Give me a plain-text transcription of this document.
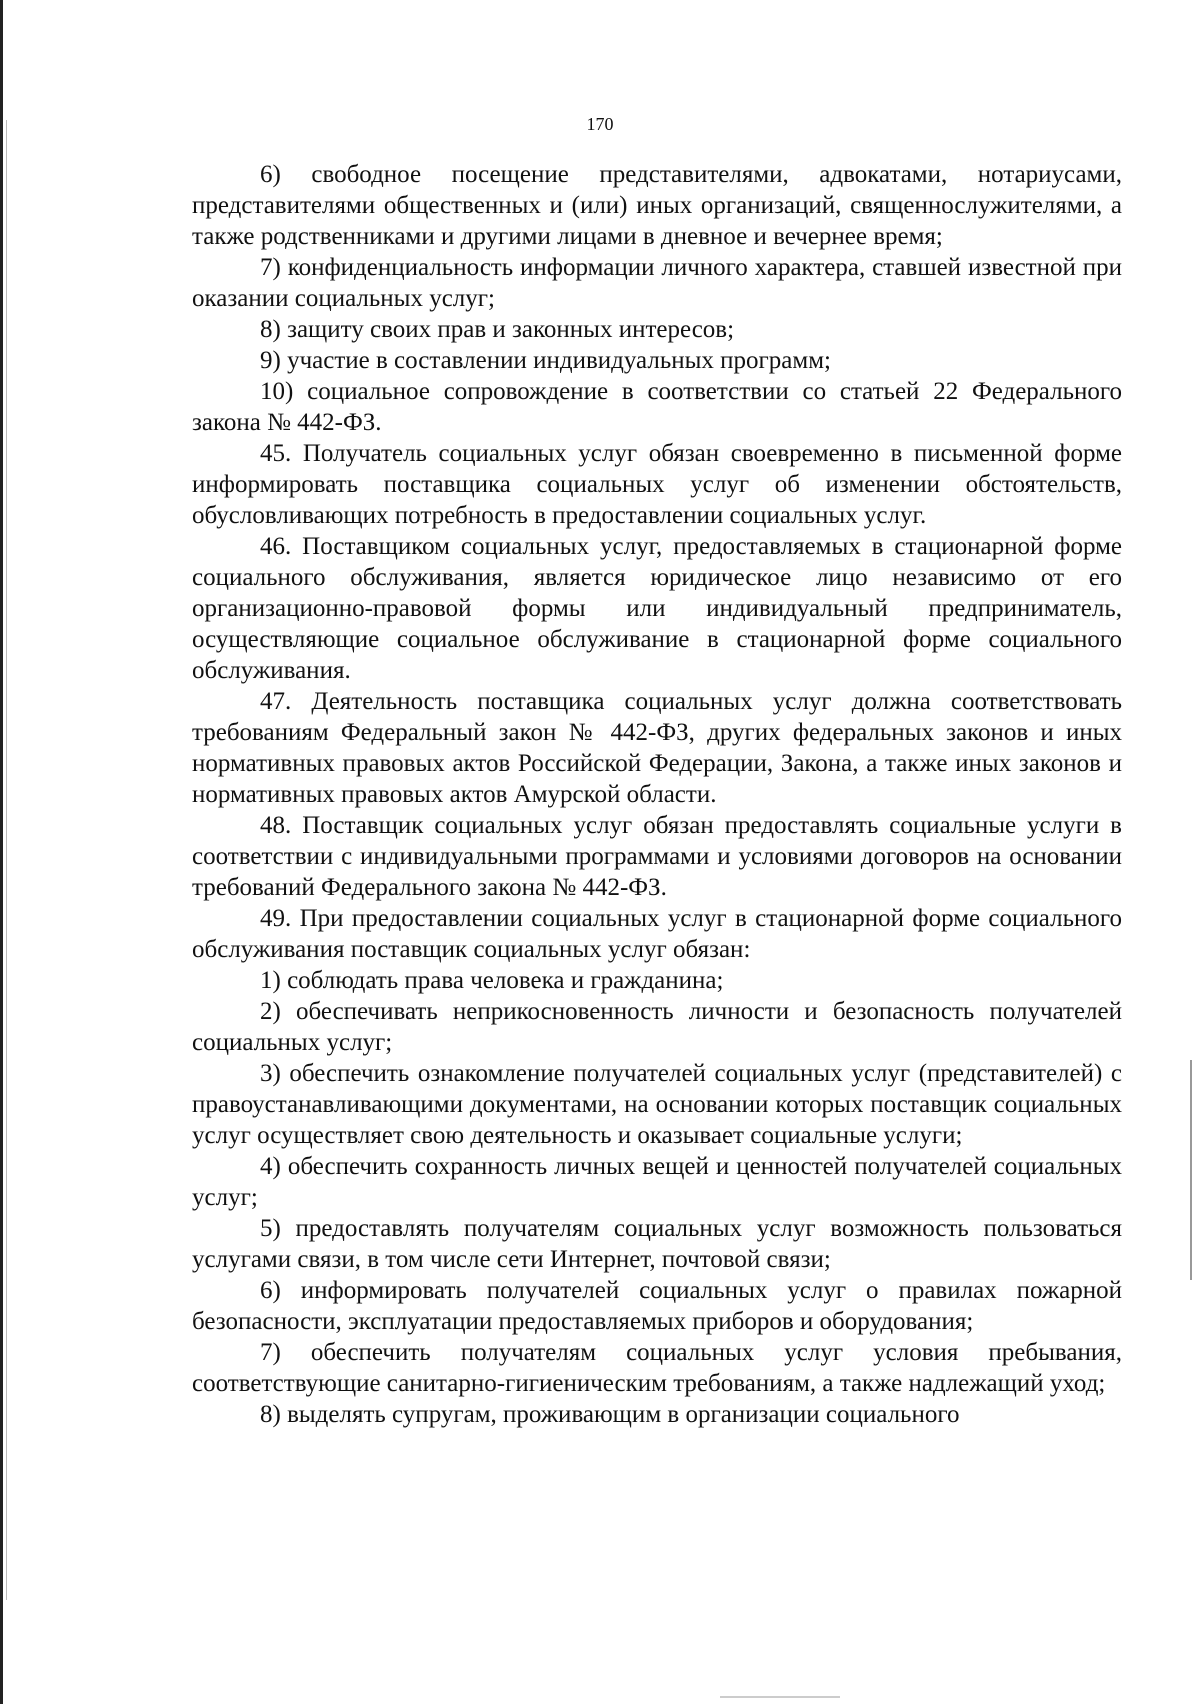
170

6) свободное посещение представителями, адвокатами, нотариусами, представителями общественных и (или) иных организаций, священнослужителями, а также родственниками и другими лицами в дневное и вечернее время;

7) конфиденциальность информации личного характера, ставшей известной при оказании социальных услуг;

8) защиту своих прав и законных интересов;

9) участие в составлении индивидуальных программ;

10) социальное сопровождение в соответствии со статьей 22 Федерального закона № 442-ФЗ.

45. Получатель социальных услуг обязан своевременно в письменной форме информировать поставщика социальных услуг об изменении обстоятельств, обусловливающих потребность в предоставлении социальных услуг.

46. Поставщиком социальных услуг, предоставляемых в стационарной форме социального обслуживания, является юридическое лицо независимо от его организационно-правовой формы или индивидуальный предприниматель, осуществляющие социальное обслуживание в стационарной форме социального обслуживания.

47. Деятельность поставщика социальных услуг должна соответствовать требованиям Федеральный закон № 442-ФЗ, других федеральных законов и иных нормативных правовых актов Российской Федерации, Закона, а также иных законов и нормативных правовых актов Амурской области.

48. Поставщик социальных услуг обязан предоставлять социальные услуги в соответствии с индивидуальными программами и условиями договоров на основании требований Федерального закона № 442-ФЗ.

49. При предоставлении социальных услуг в стационарной форме социального обслуживания поставщик социальных услуг обязан:

1) соблюдать права человека и гражданина;

2) обеспечивать неприкосновенность личности и безопасность получателей социальных услуг;

3) обеспечить ознакомление получателей социальных услуг (представителей) с правоустанавливающими документами, на основании которых поставщик социальных услуг осуществляет свою деятельность и оказывает социальные услуги;

4) обеспечить сохранность личных вещей и ценностей получателей социальных услуг;

5) предоставлять получателям социальных услуг возможность пользоваться услугами связи, в том числе сети Интернет, почтовой связи;

6) информировать получателей социальных услуг о правилах пожарной безопасности, эксплуатации предоставляемых приборов и оборудования;

7) обеспечить получателям социальных услуг условия пребывания, соответствующие санитарно-гигиеническим требованиям, а также надлежащий уход;

8) выделять супругам, проживающим в организации социального
